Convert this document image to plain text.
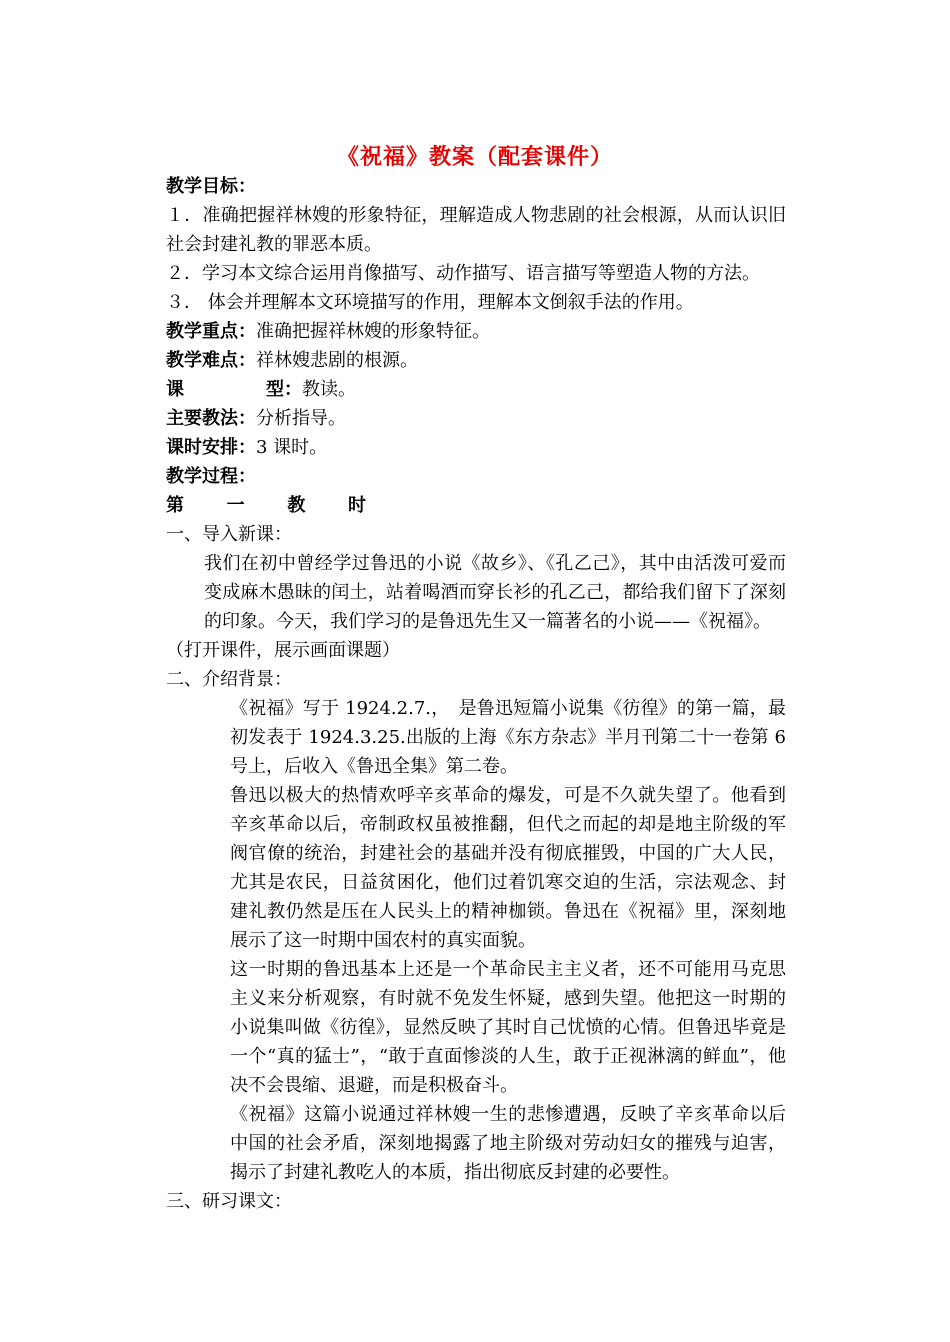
《祝福》教案（配套课件）
教学目标：

１．准确把握祥林嫂的形象特征，理解造成人物悲剧的社会根源，从而认识旧社会封建礼教的罪恶本质。

２．学习本文综合运用肖像描写、动作描写、语言描写等塑造人物的方法。
３． 体会并理解本文环境描写的作用，理解本文倒叙手法的作用。
教学重点：准确把握祥林嫂的形象特征。
教学难点：祥林嫂悲剧的根源。
课	型：教读。
主要教法：分析指导。
课时安排：3 课时。
教学过程：
第 一 教 时
一、导入新课：

我们在初中曾经学过鲁迅的小说《故乡》、《孔乙己》，其中由活泼可爱而变成麻木愚昧的闰土，站着喝酒而穿长衫的孔乙己，都给我们留下了深刻的印象。今天，我们学习的是鲁迅先生又一篇著名的小说——《祝福》。

（打开课件，展示画面课题）
二、介绍背景：

《祝福》写于 1924.2.7.，　是鲁迅短篇小说集《彷徨》的第一篇，最初发表于 1924.3.25.出版的上海《东方杂志》半月刊第二十一卷第 6 号上，后收入《鲁迅全集》第二卷。

鲁迅以极大的热情欢呼辛亥革命的爆发，可是不久就失望了。他看到辛亥革命以后，帝制政权虽被推翻，但代之而起的却是地主阶级的军阀官僚的统治，封建社会的基础并没有彻底摧毁，中国的广大人民，尤其是农民，日益贫困化，他们过着饥寒交迫的生活，宗法观念、封建礼教仍然是压在人民头上的精神枷锁。鲁迅在《祝福》里，深刻地展示了这一时期中国农村的真实面貌。

这一时期的鲁迅基本上还是一个革命民主主义者，还不可能用马克思主义来分析观察，有时就不免发生怀疑，感到失望。他把这一时期的小说集叫做《彷徨》，显然反映了其时自己忧愤的心情。但鲁迅毕竟是一个“真的猛士”，“敢于直面惨淡的人生，敢于正视淋漓的鲜血”，他决不会畏缩、退避，而是积极奋斗。

《祝福》这篇小说通过祥林嫂一生的悲惨遭遇，反映了辛亥革命以后中国的社会矛盾，深刻地揭露了地主阶级对劳动妇女的摧残与迫害，揭示了封建礼教吃人的本质，指出彻底反封建的必要性。

三、研习课文：
